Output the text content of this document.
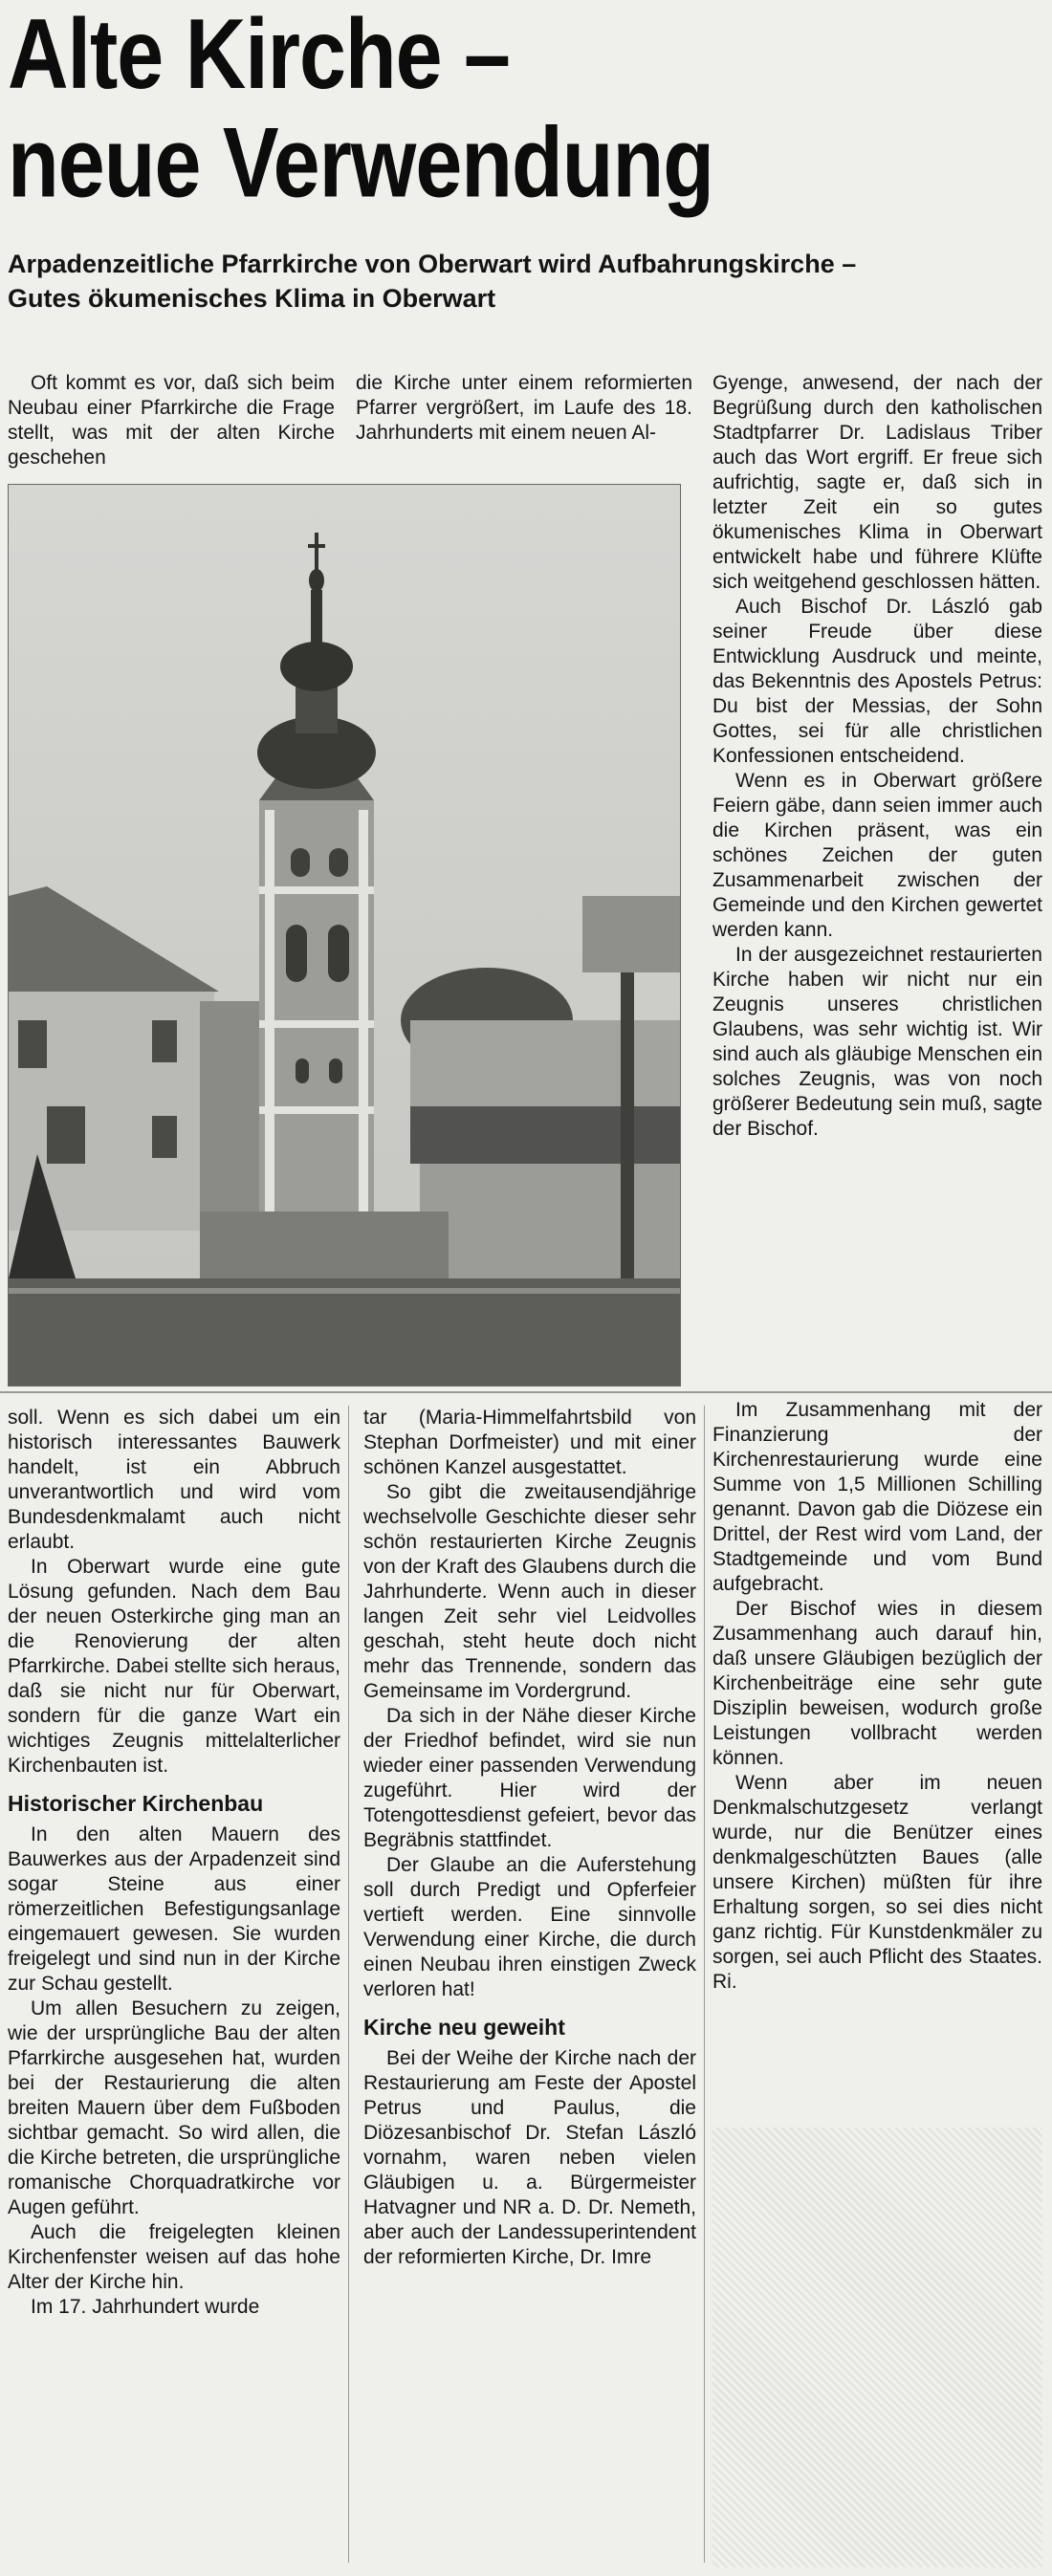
Alte Kirche –
neue Verwendung
Arpadenzeitliche Pfarrkirche von Oberwart wird Aufbahrungskirche –
Gutes ökumenisches Klima in Oberwart

Oft kommt es vor, daß sich beim Neubau einer Pfarrkirche die Frage stellt, was mit der alten Kirche geschehen

die Kirche unter einem reformierten Pfarrer vergrößert, im Laufe des 18. Jahrhunderts mit einem neuen Al-

Gyenge, anwesend, der nach der Begrüßung durch den katholischen Stadtpfarrer Dr. Ladislaus Triber auch das Wort ergriff. Er freue sich aufrichtig, sagte er, daß sich in letzter Zeit ein so gutes ökumenisches Klima in Oberwart entwickelt habe und führere Klüfte sich weitgehend geschlossen hätten.

Auch Bischof Dr. László gab seiner Freude über diese Entwicklung Ausdruck und meinte, das Bekenntnis des Apostels Petrus: Du bist der Messias, der Sohn Gottes, sei für alle christlichen Konfessionen entscheidend.

Wenn es in Oberwart größere Feiern gäbe, dann seien immer auch die Kirchen präsent, was ein schönes Zeichen der guten Zusammenarbeit zwischen der Gemeinde und den Kirchen gewertet werden kann.

In der ausgezeichnet restaurierten Kirche haben wir nicht nur ein Zeugnis unseres christlichen Glaubens, was sehr wichtig ist. Wir sind auch als gläubige Menschen ein solches Zeugnis, was von noch größerer Bedeutung sein muß, sagte der Bischof.

soll. Wenn es sich dabei um ein historisch interessantes Bauwerk handelt, ist ein Abbruch unverantwortlich und wird vom Bundesdenkmalamt auch nicht erlaubt.

In Oberwart wurde eine gute Lösung gefunden. Nach dem Bau der neuen Osterkirche ging man an die Renovierung der alten Pfarrkirche. Dabei stellte sich heraus, daß sie nicht nur für Oberwart, sondern für die ganze Wart ein wichtiges Zeugnis mittelalterlicher Kirchenbauten ist.

Historischer Kirchenbau

In den alten Mauern des Bauwerkes aus der Arpadenzeit sind sogar Steine aus einer römerzeitlichen Befestigungsanlage eingemauert gewesen. Sie wurden freigelegt und sind nun in der Kirche zur Schau gestellt.

Um allen Besuchern zu zeigen, wie der ursprüngliche Bau der alten Pfarrkirche ausgesehen hat, wurden bei der Restaurierung die alten breiten Mauern über dem Fußboden sichtbar gemacht. So wird allen, die die Kirche betreten, die ursprüngliche romanische Chorquadratkirche vor Augen geführt.

Auch die freigelegten kleinen Kirchenfenster weisen auf das hohe Alter der Kirche hin.

Im 17. Jahrhundert wurde

tar (Maria-Himmelfahrtsbild von Stephan Dorfmeister) und mit einer schönen Kanzel ausgestattet.

So gibt die zweitausendjährige wechselvolle Geschichte dieser sehr schön restaurierten Kirche Zeugnis von der Kraft des Glaubens durch die Jahrhunderte. Wenn auch in dieser langen Zeit sehr viel Leidvolles geschah, steht heute doch nicht mehr das Trennende, sondern das Gemeinsame im Vordergrund.

Da sich in der Nähe dieser Kirche der Friedhof befindet, wird sie nun wieder einer passenden Verwendung zugeführt. Hier wird der Totengottesdienst gefeiert, bevor das Begräbnis stattfindet.

Der Glaube an die Auferstehung soll durch Predigt und Opferfeier vertieft werden. Eine sinnvolle Verwendung einer Kirche, die durch einen Neubau ihren einstigen Zweck verloren hat!

Kirche neu geweiht

Bei der Weihe der Kirche nach der Restaurierung am Feste der Apostel Petrus und Paulus, die Diözesanbischof Dr. Stefan László vornahm, waren neben vielen Gläubigen u. a. Bürgermeister Hatvagner und NR a. D. Dr. Nemeth, aber auch der Landessuperintendent der reformierten Kirche, Dr. Imre

Im Zusammenhang mit der Finanzierung der Kirchenrestaurierung wurde eine Summe von 1,5 Millionen Schilling genannt. Davon gab die Diözese ein Drittel, der Rest wird vom Land, der Stadtgemeinde und vom Bund aufgebracht.

Der Bischof wies in diesem Zusammenhang auch darauf hin, daß unsere Gläubigen bezüglich der Kirchenbeiträge eine sehr gute Disziplin beweisen, wodurch große Leistungen vollbracht werden können.

Wenn aber im neuen Denkmalschutzgesetz verlangt wurde, nur die Benützer eines denkmalgeschützten Baues (alle unsere Kirchen) müßten für ihre Erhaltung sorgen, so sei dies nicht ganz richtig. Für Kunstdenkmäler zu sorgen, sei auch Pflicht des Staates. Ri.
